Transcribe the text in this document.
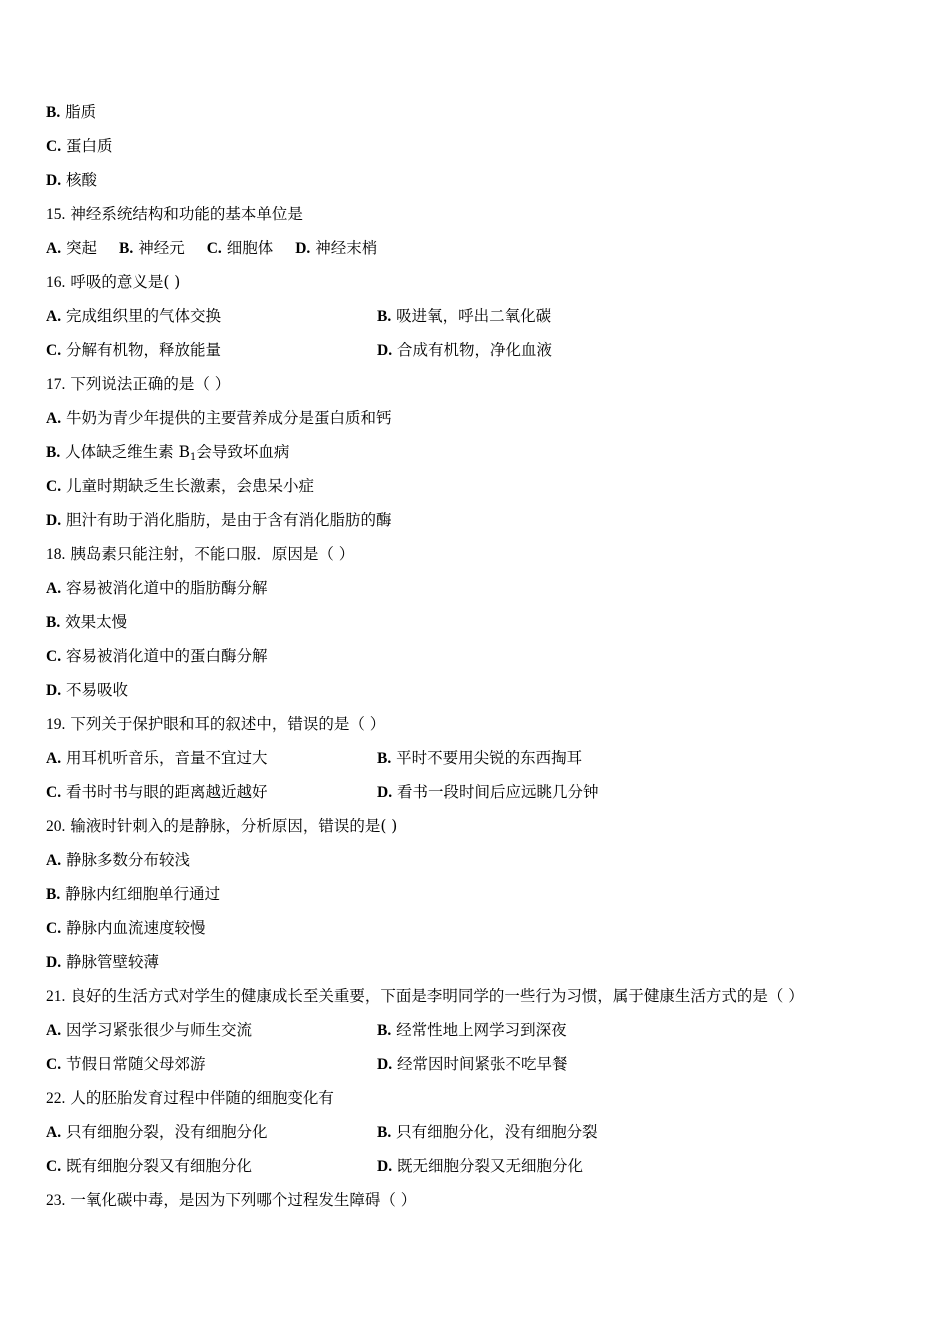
B. 脂质
C. 蛋白质
D. 核酸
15. 神经系统结构和功能的基本单位是
A. 突起 B. 神经元 C. 细胞体 D. 神经末梢
16. 呼吸的意义是( )
A. 完成组织里的气体交换	B. 吸进氧，呼出二氧化碳
C. 分解有机物，释放能量	D. 合成有机物，净化血液
17. 下列说法正确的是（ ）
A. 牛奶为青少年提供的主要营养成分是蛋白质和钙
B. 人体缺乏维生素 $B_1$会导致坏血病
C. 儿童时期缺乏生长激素，会患呆小症
D. 胆汁有助于消化脂肪，是由于含有消化脂肪的酶
18. 胰岛素只能注射，不能口服．原因是（ ）
A. 容易被消化道中的脂肪酶分解
B. 效果太慢
C. 容易被消化道中的蛋白酶分解
D. 不易吸收
19. 下列关于保护眼和耳的叙述中，错误的是（ ）
A. 用耳机听音乐，音量不宜过大	B. 平时不要用尖锐的东西掏耳
C. 看书时书与眼的距离越近越好	D. 看书一段时间后应远眺几分钟
20. 输液时针刺入的是静脉，分析原因，错误的是( )
A. 静脉多数分布较浅
B. 静脉内红细胞单行通过
C. 静脉内血流速度较慢
D. 静脉管壁较薄
21. 良好的生活方式对学生的健康成长至关重要，下面是李明同学的一些行为习惯，属于健康生活方式的是（ ）
A. 因学习紧张很少与师生交流	B. 经常性地上网学习到深夜
C. 节假日常随父母郊游	D. 经常因时间紧张不吃早餐
22. 人的胚胎发育过程中伴随的细胞变化有
A. 只有细胞分裂，没有细胞分化	B. 只有细胞分化，没有细胞分裂
C. 既有细胞分裂又有细胞分化	D. 既无细胞分裂又无细胞分化
23. 一氧化碳中毒，是因为下列哪个过程发生障碍（ ）
